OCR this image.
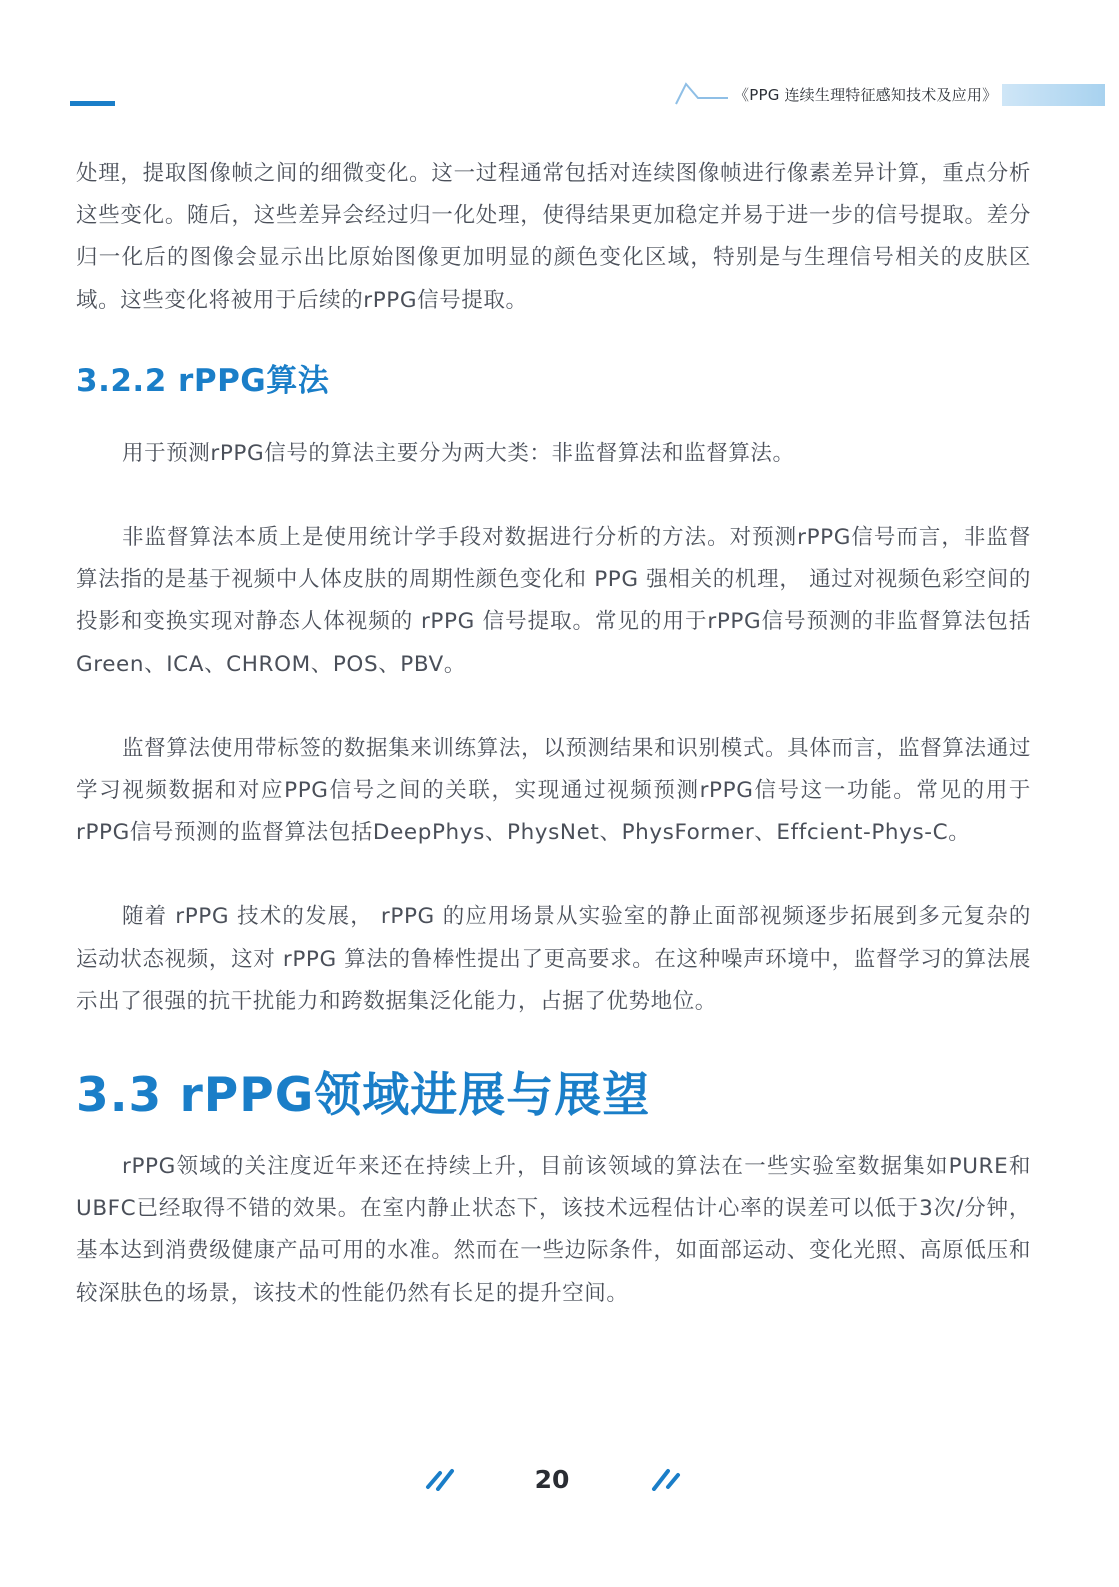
《PPG 连续生理特征感知技术及应用》

处理，提取图像帧之间的细微变化。这一过程通常包括对连续图像帧进行像素差异计算，重点分析这些变化。随后，这些差异会经过归一化处理，使得结果更加稳定并易于进一步的信号提取。差分归一化后的图像会显示出比原始图像更加明显的颜色变化区域，特别是与生理信号相关的皮肤区域。这些变化将被用于后续的rPPG信号提取。

3.2.2 rPPG算法

用于预测rPPG信号的算法主要分为两大类：非监督算法和监督算法。

非监督算法本质上是使用统计学手段对数据进行分析的方法。对预测rPPG信号而言，非监督算法指的是基于视频中人体皮肤的周期性颜色变化和 PPG 强相关的机理， 通过对视频色彩空间的投影和变换实现对静态人体视频的 rPPG 信号提取。常见的用于rPPG信号预测的非监督算法包括Green、ICA、CHROM、POS、PBV。

监督算法使用带标签的数据集来训练算法，以预测结果和识别模式。具体而言，监督算法通过学习视频数据和对应PPG信号之间的关联，实现通过视频预测rPPG信号这一功能。常见的用于rPPG信号预测的监督算法包括DeepPhys、PhysNet、PhysFormer、Effcient-Phys-C。

随着 rPPG 技术的发展， rPPG 的应用场景从实验室的静止面部视频逐步拓展到多元复杂的运动状态视频，这对 rPPG 算法的鲁棒性提出了更高要求。在这种噪声环境中，监督学习的算法展示出了很强的抗干扰能力和跨数据集泛化能力，占据了优势地位。

3.3 rPPG领域进展与展望

rPPG领域的关注度近年来还在持续上升，目前该领域的算法在一些实验室数据集如PURE和UBFC已经取得不错的效果。在室内静止状态下，该技术远程估计心率的误差可以低于3次/分钟，基本达到消费级健康产品可用的水准。然而在一些边际条件，如面部运动、变化光照、高原低压和较深肤色的场景，该技术的性能仍然有长足的提升空间。

20
